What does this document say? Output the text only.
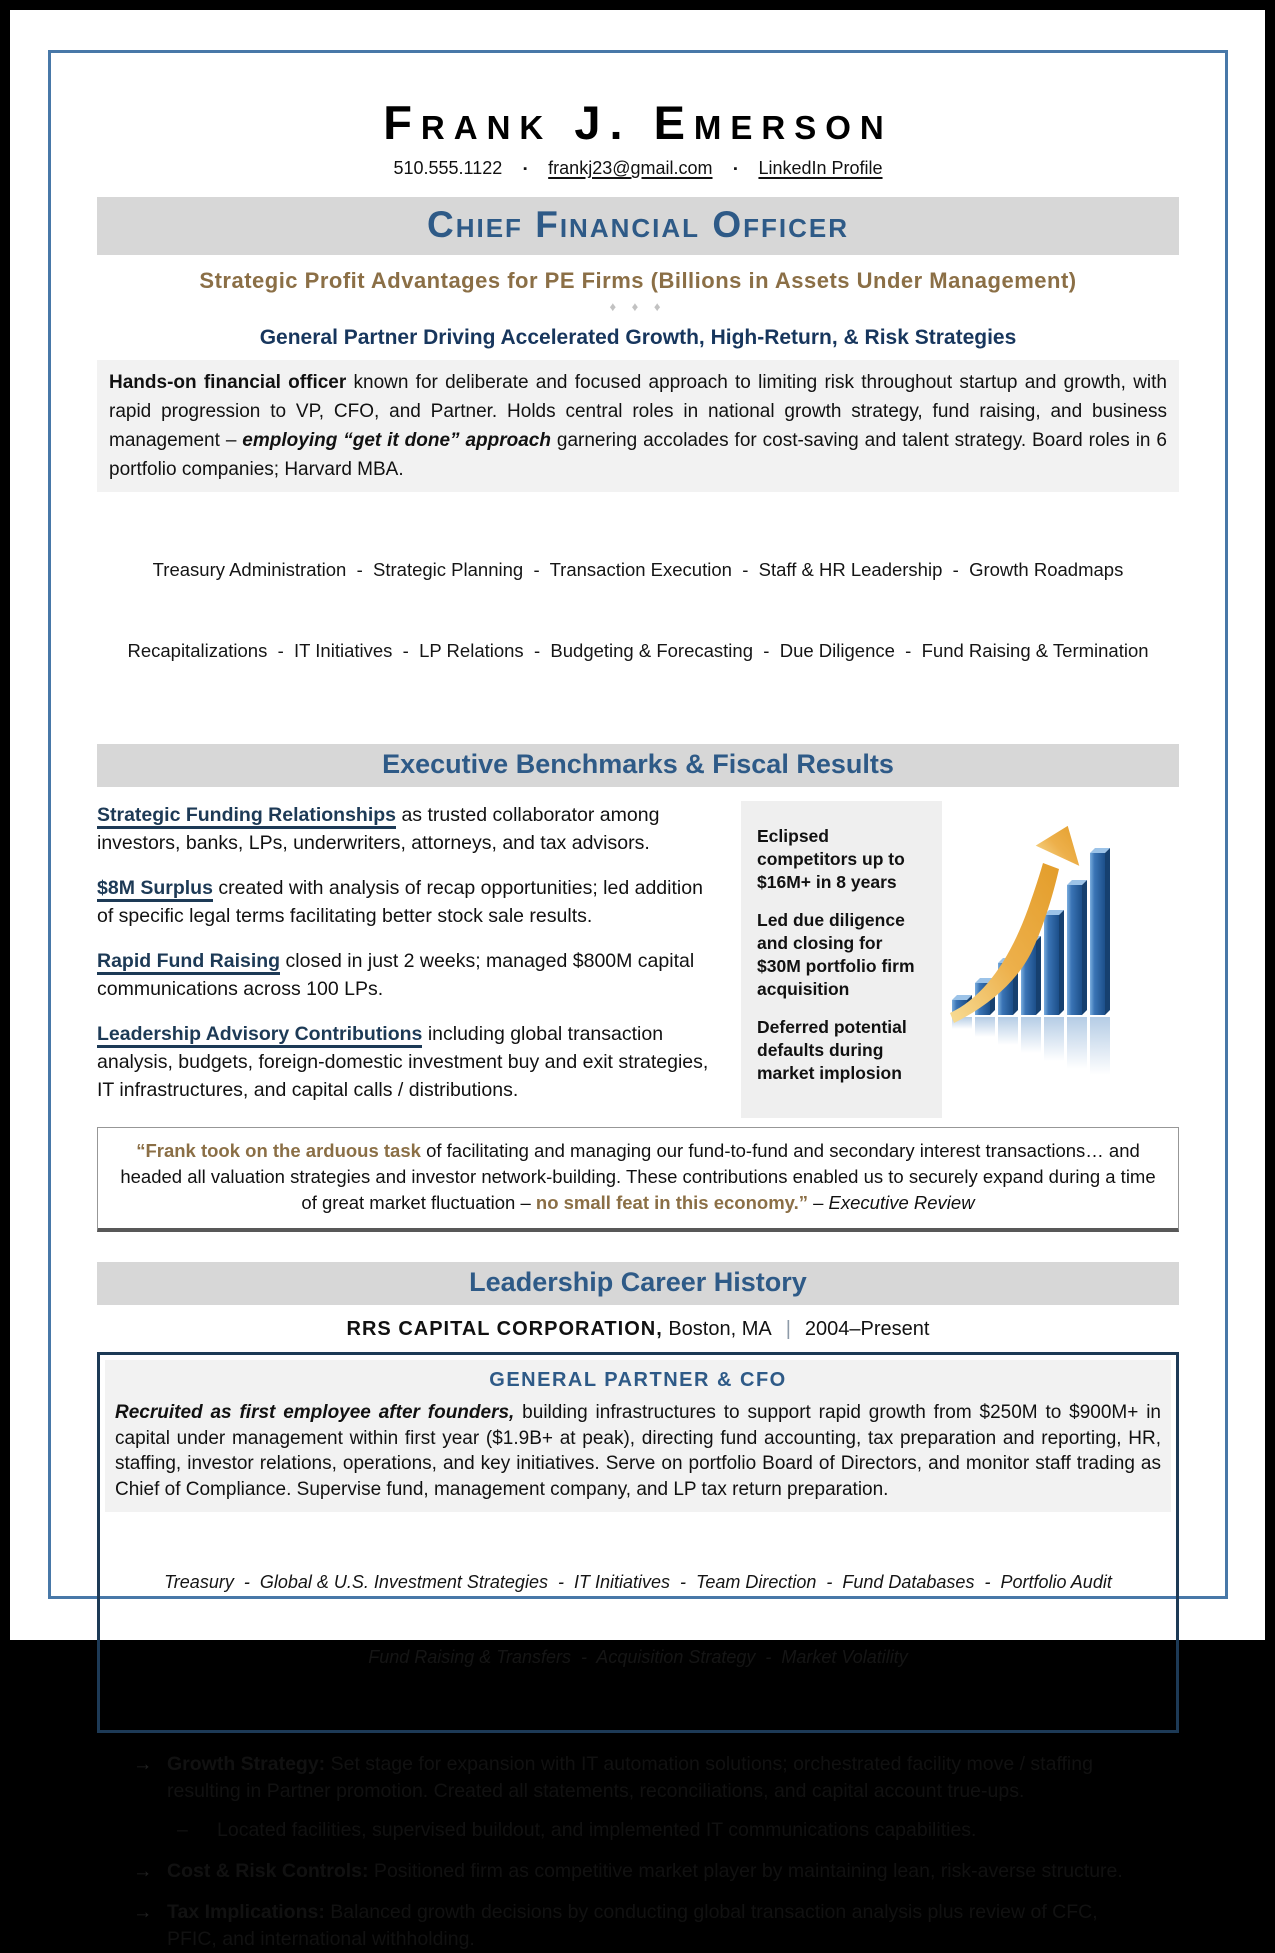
Frank J. Emerson
510.555.1122 ▪ frankj23@gmail.com ▪ LinkedIn Profile
Chief Financial Officer
Strategic Profit Advantages for PE Firms (Billions in Assets Under Management)
♦ ♦ ♦
General Partner Driving Accelerated Growth, High-Return, & Risk Strategies

Hands-on financial officer known for deliberate and focused approach to limiting risk throughout startup and growth, with rapid progression to VP, CFO, and Partner. Holds central roles in national growth strategy, fund raising, and business management – employing “get it done” approach garnering accolades for cost-saving and talent strategy. Board roles in 6 portfolio companies; Harvard MBA.

Treasury Administration  -  Strategic Planning  -  Transaction Execution  -  Staff & HR Leadership  -  Growth Roadmaps

Recapitalizations  -  IT Initiatives  -  LP Relations  -  Budgeting & Forecasting  -  Due Diligence  -  Fund Raising & Termination

Executive Benchmarks & Fiscal Results

Strategic Funding Relationships as trusted collaborator among investors, banks, LPs, underwriters, attorneys, and tax advisors.

$8M Surplus created with analysis of recap opportunities; led addition of specific legal terms facilitating better stock sale results.

Rapid Fund Raising closed in just 2 weeks; managed $800M capital communications across 100 LPs.

Leadership Advisory Contributions including global transaction analysis, budgets, foreign-domestic investment buy and exit strategies, IT infrastructures, and capital calls / distributions.

Eclipsed competitors up to $16M+ in 8 years

Led due diligence and closing for $30M portfolio firm acquisition

Deferred potential defaults during market implosion

“Frank took on the arduous task of facilitating and managing our fund-to-fund and secondary interest transactions… and headed all valuation strategies and investor network-building. These contributions enabled us to securely expand during a time of great market fluctuation – no small feat in this economy.” – Executive Review
Leadership Career History
RRS CAPITAL CORPORATION, Boston, MA | 2004–Present
GENERAL PARTNER & CFO

Recruited as first employee after founders, building infrastructures to support rapid growth from $250M to $900M+ in capital under management within first year ($1.9B+ at peak), directing fund accounting, tax preparation and reporting, HR, staffing, investor relations, operations, and key initiatives. Serve on portfolio Board of Directors, and monitor staff trading as Chief of Compliance. Supervise fund, management company, and LP tax return preparation.

Treasury  -  Global & U.S. Investment Strategies  -  IT Initiatives  -  Team Direction  -  Fund Databases  -  Portfolio Audit

Fund Raising & Transfers  -  Acquisition Strategy  -  Market Volatility

→ Growth Strategy: Set stage for expansion with IT automation solutions; orchestrated facility move / staffing resulting in Partner promotion. Created all statements, reconciliations, and capital account true-ups.
–	Located facilities, supervised buildout, and implemented IT communications capabilities.
→ Cost & Risk Controls: Positioned firm as competitive market player by maintaining lean, risk-averse structure.
→ Tax Implications: Balanced growth decisions by conducting global transaction analysis plus review of CFC, PFIC, and international withholding.
